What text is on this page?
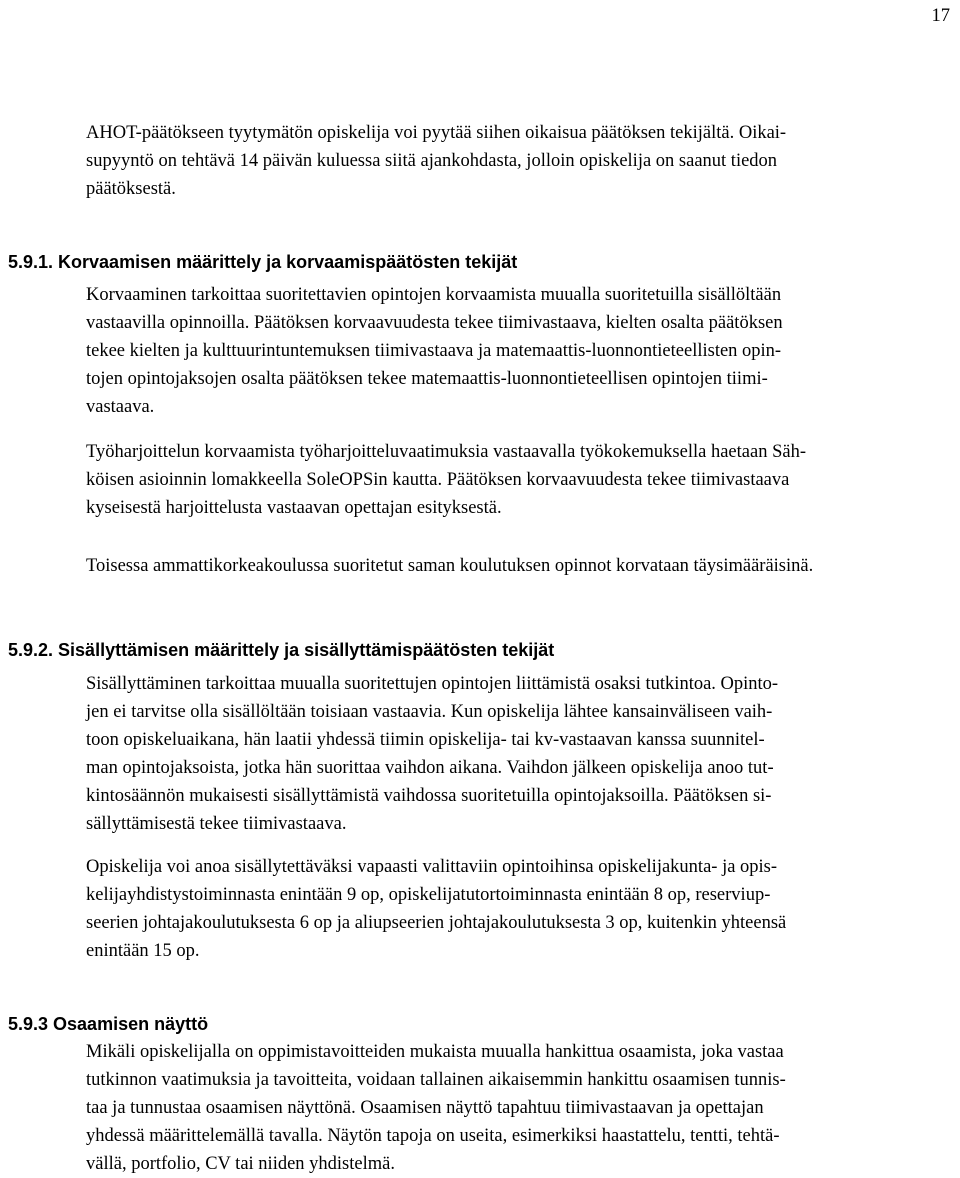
17
AHOT-päätökseen tyytymätön opiskelija voi pyytää siihen oikaisua päätöksen tekijältä. Oikai-
supyyntö on tehtävä 14 päivän kuluessa siitä ajankohdasta, jolloin opiskelija on saanut tiedon
päätöksestä.
5.9.1. Korvaamisen määrittely ja korvaamispäätösten tekijät
Korvaaminen tarkoittaa suoritettavien opintojen korvaamista muualla suoritetuilla sisällöltään
vastaavilla opinnoilla. Päätöksen korvaavuudesta tekee tiimivastaava, kielten osalta päätöksen
tekee kielten ja kulttuurintuntemuksen tiimivastaava ja matemaattis-luonnontieteellisten opin-
tojen opintojaksojen osalta päätöksen tekee matemaattis-luonnontieteellisen opintojen tiimi-
vastaava.
Työharjoittelun korvaamista työharjoitteluvaatimuksia vastaavalla työkokemuksella haetaan Säh-
köisen asioinnin lomakkeella SoleOPSin kautta. Päätöksen korvaavuudesta tekee tiimivastaava
kyseisestä harjoittelusta vastaavan opettajan esityksestä.
Toisessa ammattikorkeakoulussa suoritetut saman koulutuksen opinnot korvataan täysimääräisinä.
5.9.2. Sisällyttämisen määrittely ja sisällyttämispäätösten tekijät
Sisällyttäminen tarkoittaa muualla suoritettujen opintojen liittämistä osaksi tutkintoa. Opinto-
jen ei tarvitse olla sisällöltään toisiaan vastaavia. Kun opiskelija lähtee kansainväliseen vaih-
toon opiskeluaikana, hän laatii yhdessä tiimin opiskelija- tai kv-vastaavan kanssa suunnitel-
man opintojaksoista, jotka hän suorittaa vaihdon aikana. Vaihdon jälkeen opiskelija anoo tut-
kintosäännön mukaisesti sisällyttämistä vaihdossa suoritetuilla opintojaksoilla. Päätöksen si-
sällyttämisestä tekee tiimivastaava.
Opiskelija voi anoa sisällytettäväksi vapaasti valittaviin opintoihinsa opiskelijakunta- ja opis-
kelijayhdistystoiminnasta enintään 9 op, opiskelijatutortoiminnasta enintään 8 op, reserviup-
seerien johtajakoulutuksesta 6 op ja aliupseerien johtajakoulutuksesta 3 op, kuitenkin yhteensä
enintään 15 op.
5.9.3 Osaamisen näyttö
Mikäli opiskelijalla on oppimistavoitteiden mukaista muualla hankittua osaamista, joka vastaa
tutkinnon vaatimuksia ja tavoitteita, voidaan tallainen aikaisemmin hankittu osaamisen tunnis-
taa ja tunnustaa osaamisen näyttönä. Osaamisen näyttö tapahtuu tiimivastaavan ja opettajan
yhdessä määrittelemällä tavalla. Näytön tapoja on useita, esimerkiksi haastattelu, tentti, tehtä-
vällä, portfolio, CV tai niiden yhdistelmä.
